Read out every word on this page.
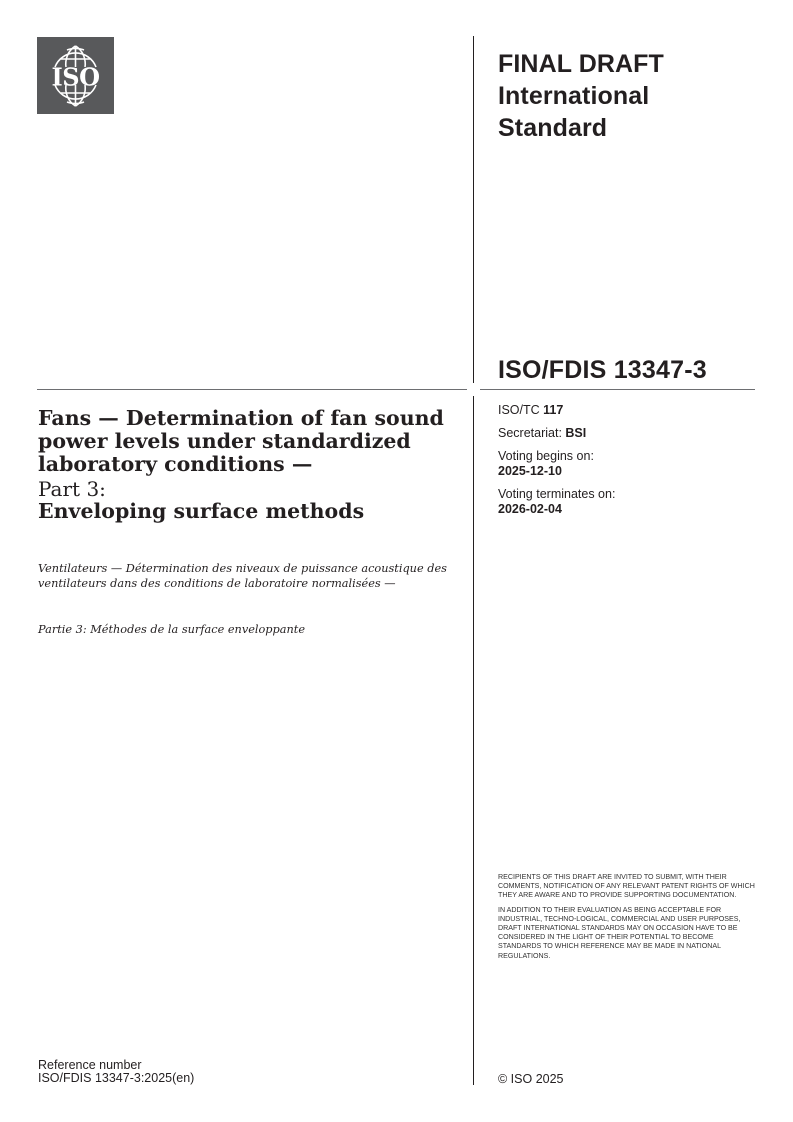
ISO	FINAL DRAFT
International
Standard
ISO/FDIS 13347-3
ISO/TC 117
Secretariat: BSI
Voting begins on:
2025-12-10
Voting terminates on:
2026-02-04
Fans — Determination of fan sound power levels under standardized laboratory conditions —
Part 3:
Enveloping surface methods
Ventilateurs — Détermination des niveaux de puissance acoustique des ventilateurs dans des conditions de laboratoire normalisées —
Partie 3: Méthodes de la surface enveloppante

RECIPIENTS OF THIS DRAFT ARE INVITED TO SUBMIT, WITH THEIR COMMENTS, NOTIFICATION OF ANY RELEVANT PATENT RIGHTS OF WHICH THEY ARE AWARE AND TO PROVIDE SUPPORTING DOCUMENTATION.

IN ADDITION TO THEIR EVALUATION AS BEING ACCEPTABLE FOR INDUSTRIAL, TECHNO-LOGICAL, COMMERCIAL AND USER PURPOSES, DRAFT INTERNATIONAL STANDARDS MAY ON OCCASION HAVE TO BE CONSIDERED IN THE LIGHT OF THEIR POTENTIAL TO BECOME STANDARDS TO WHICH REFERENCE MAY BE MADE IN NATIONAL REGULATIONS.

Reference number
ISO/FDIS 13347-3:2025(en)	© ISO 2025
